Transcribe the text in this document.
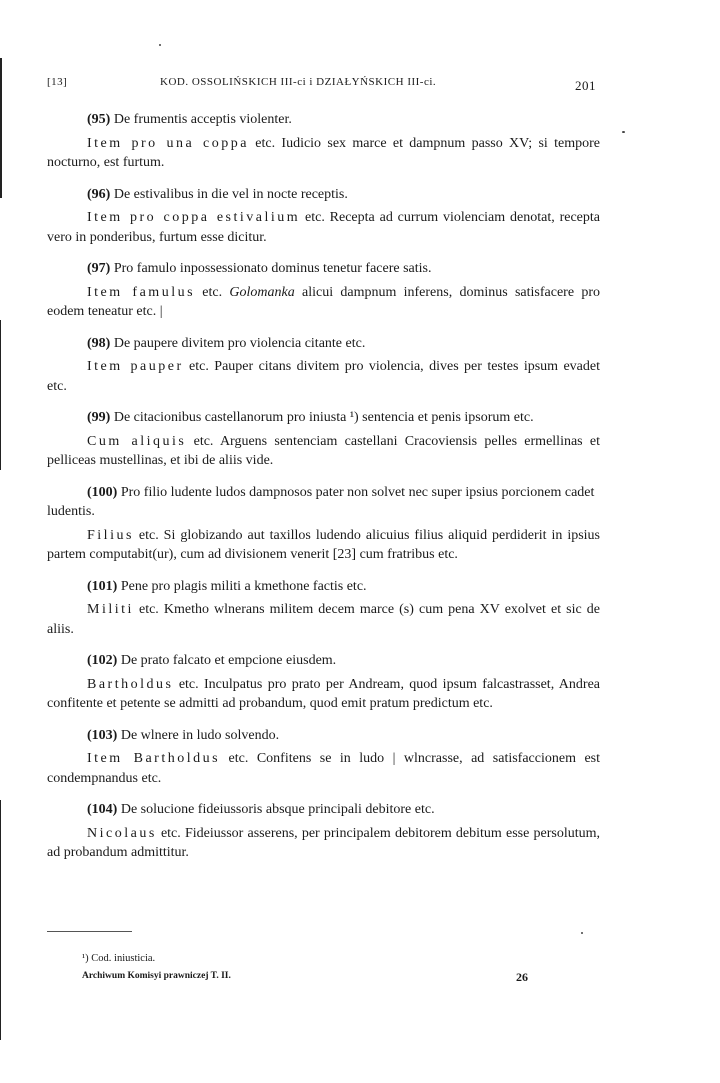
[13]	KOD. OSSOLIŃSKICH III-ci i DZIAŁYŃSKICH III-ci.	201

(95) De frumentis acceptis violenter.

Item pro una coppa etc. Iudicio sex marce et dampnum passo XV; si tempore nocturno, est furtum.

(96) De estivalibus in die vel in nocte receptis.

Item pro coppa estivalium etc. Recepta ad currum violenciam denotat, recepta vero in ponderibus, furtum esse dicitur.

(97) Pro famulo inpossessionato dominus tenetur facere satis.

Item famulus etc. Golomanka alicui dampnum inferens, dominus satisfacere pro eodem teneatur etc. |

(98) De paupere divitem pro violencia citante etc.

Item pauper etc. Pauper citans divitem pro violencia, dives per testes ipsum evadet etc.

(99) De citacionibus castellanorum pro iniusta ¹) sentencia et penis ipsorum etc.

Cum aliquis etc. Arguens sentenciam castellani Cracoviensis pelles ermellinas et pelliceas mustellinas, et ibi de aliis vide.

(100) Pro filio ludente ludos dampnosos pater non solvet nec super ipsius porcionem cadet ludentis.

Filius etc. Si globizando aut taxillos ludendo alicuius filius aliquid perdiderit in ipsius partem computabit(ur), cum ad divisionem venerit [23] cum fratribus etc.

(101) Pene pro plagis militi a kmethone factis etc.

Militi etc. Kmetho wlnerans militem decem marce (s) cum pena XV exolvet et sic de aliis.

(102) De prato falcato et empcione eiusdem.

Bartholdus etc. Inculpatus pro prato per Andream, quod ipsum falcastrasset, Andrea confitente et petente se admitti ad probandum, quod emit pratum predictum etc.

(103) De wlnere in ludo solvendo.

Item Bartholdus etc. Confitens se in ludo | wlncrasse, ad satisfaccionem est condempnandus etc.

(104) De solucione fideiussoris absque principali debitore etc.

Nicolaus etc. Fideiussor asserens, per principalem debitorem debitum esse persolutum, ad probandum admittitur.

¹) Cod. iniusticia.
Archiwum Komisyi prawniczej T. II.	26
